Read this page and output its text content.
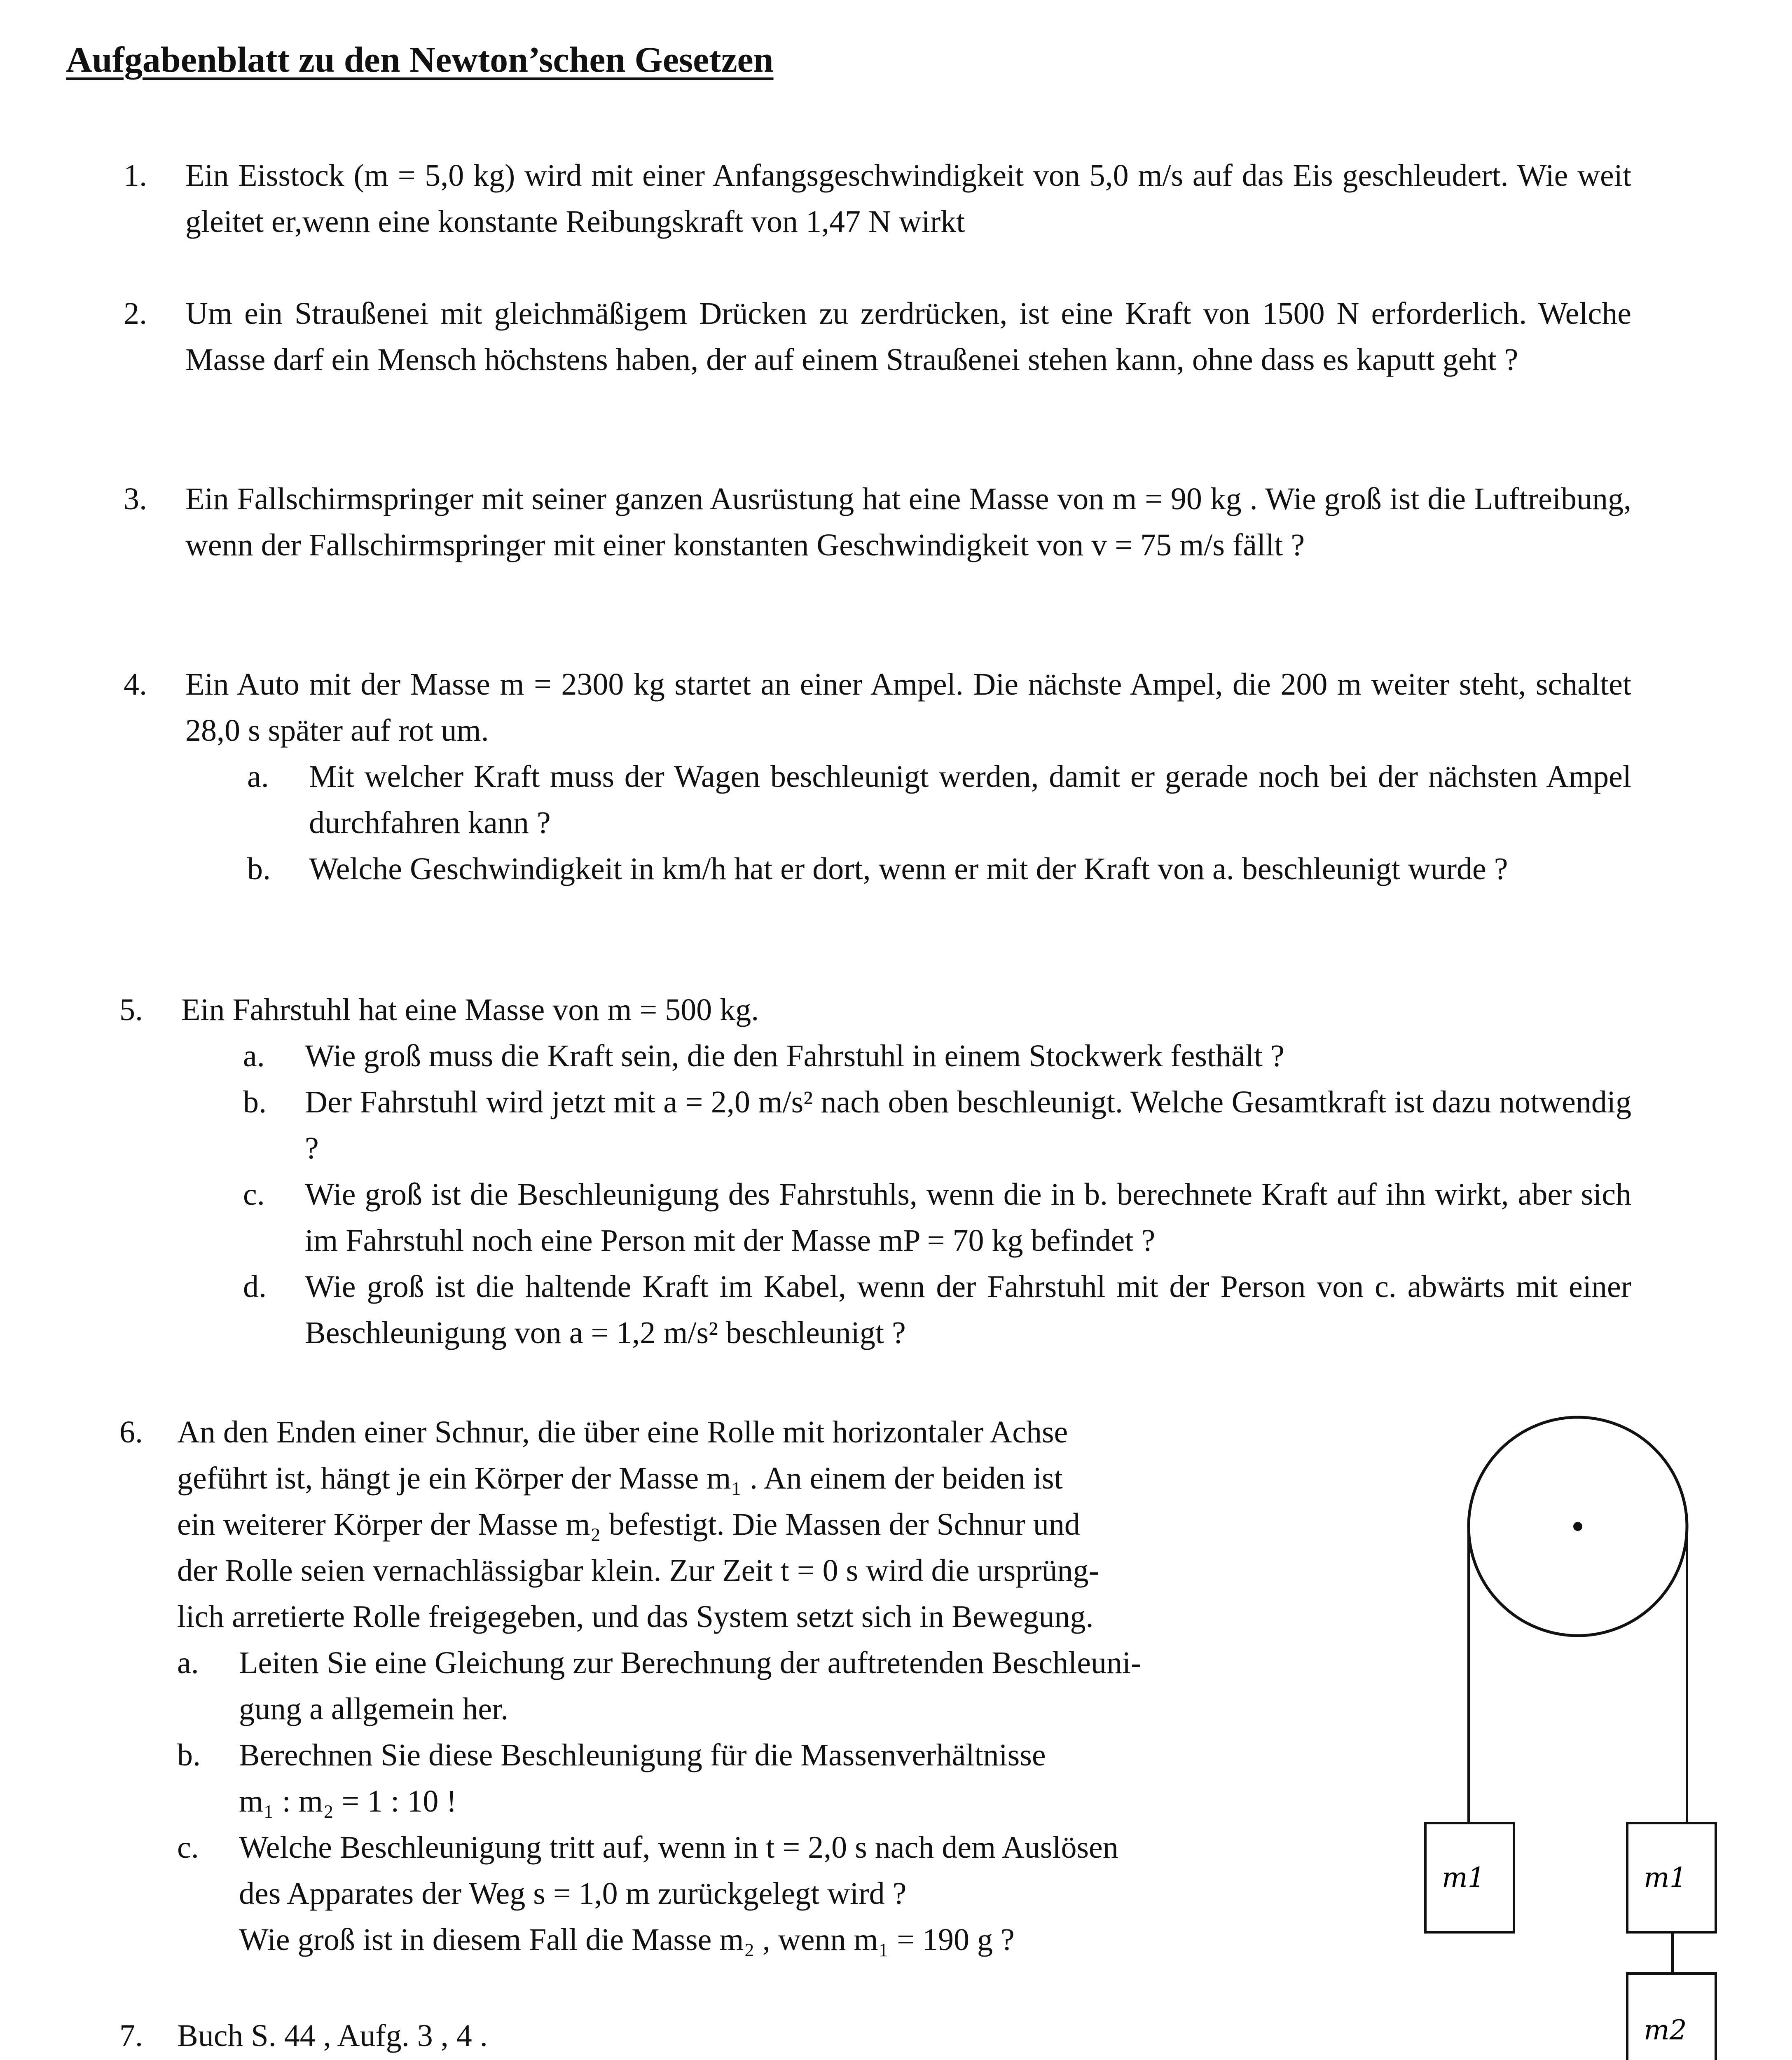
Aufgabenblatt zu den Newton’schen Gesetzen
1. Ein Eisstock (m = 5,0 kg) wird mit einer Anfangsgeschwindigkeit von 5,0 m/s auf das Eis geschleudert. Wie weit gleitet er,wenn eine konstante Reibungskraft von 1,47 N wirkt
2. Um ein Straußenei mit gleichmäßigem Drücken zu zerdrücken, ist eine Kraft von 1500 N erforderlich. Welche Masse darf ein Mensch höchstens haben, der auf einem Straußenei stehen kann, ohne dass es kaputt geht ?
3. Ein Fallschirmspringer mit seiner ganzen Ausrüstung hat eine Masse von m = 90 kg . Wie groß ist die Luftreibung, wenn der Fallschirmspringer mit einer konstanten Geschwindigkeit von v = 75 m/s fällt ?
4. Ein Auto mit der Masse m = 2300 kg startet an einer Ampel. Die nächste Ampel, die 200 m weiter steht, schaltet 28,0 s später auf rot um.
a. Mit welcher Kraft muss der Wagen beschleunigt werden, damit er gerade noch bei der nächsten Ampel durchfahren kann ?
b. Welche Geschwindigkeit in km/h hat er dort, wenn er mit der Kraft von a. beschleunigt wurde ?
5. Ein Fahrstuhl hat eine Masse von m = 500 kg.
a. Wie groß muss die Kraft sein, die den Fahrstuhl in einem Stockwerk festhält ?
b. Der Fahrstuhl wird jetzt mit a = 2,0 m/s² nach oben beschleunigt. Welche Gesamtkraft ist dazu notwendig ?
c. Wie groß ist die Beschleunigung des Fahrstuhls, wenn die in b. berechnete Kraft auf ihn wirkt, aber sich im Fahrstuhl noch eine Person mit der Masse mP = 70 kg befindet ?
d. Wie groß ist die haltende Kraft im Kabel, wenn der Fahrstuhl mit der Person von c. abwärts mit einer Beschleunigung von a = 1,2 m/s² beschleunigt ?
6. An den Enden einer Schnur, die über eine Rolle mit horizontaler Achse
geführt ist, hängt je ein Körper der Masse m₁ . An einem der beiden ist
ein weiterer Körper der Masse m₂ befestigt. Die Massen der Schnur und
der Rolle seien vernachlässigbar klein. Zur Zeit t = 0 s wird die ursprüng-
lich arretierte Rolle freigegeben, und das System setzt sich in Bewegung.
a. Leiten Sie eine Gleichung zur Berechnung der auftretenden Beschleuni-
gung a allgemein her.
b. Berechnen Sie diese Beschleunigung für die Massenverhältnisse
m₁ : m₂ = 1 : 10 !
c. Welche Beschleunigung tritt auf, wenn in t = 2,0 s nach dem Auslösen
des Apparates der Weg s = 1,0 m zurückgelegt wird ?
Wie groß ist in diesem Fall die Masse m₂ , wenn m₁ = 190 g ?
7. Buch S. 44 , Aufg. 3 , 4 .
m1	m1
m2
